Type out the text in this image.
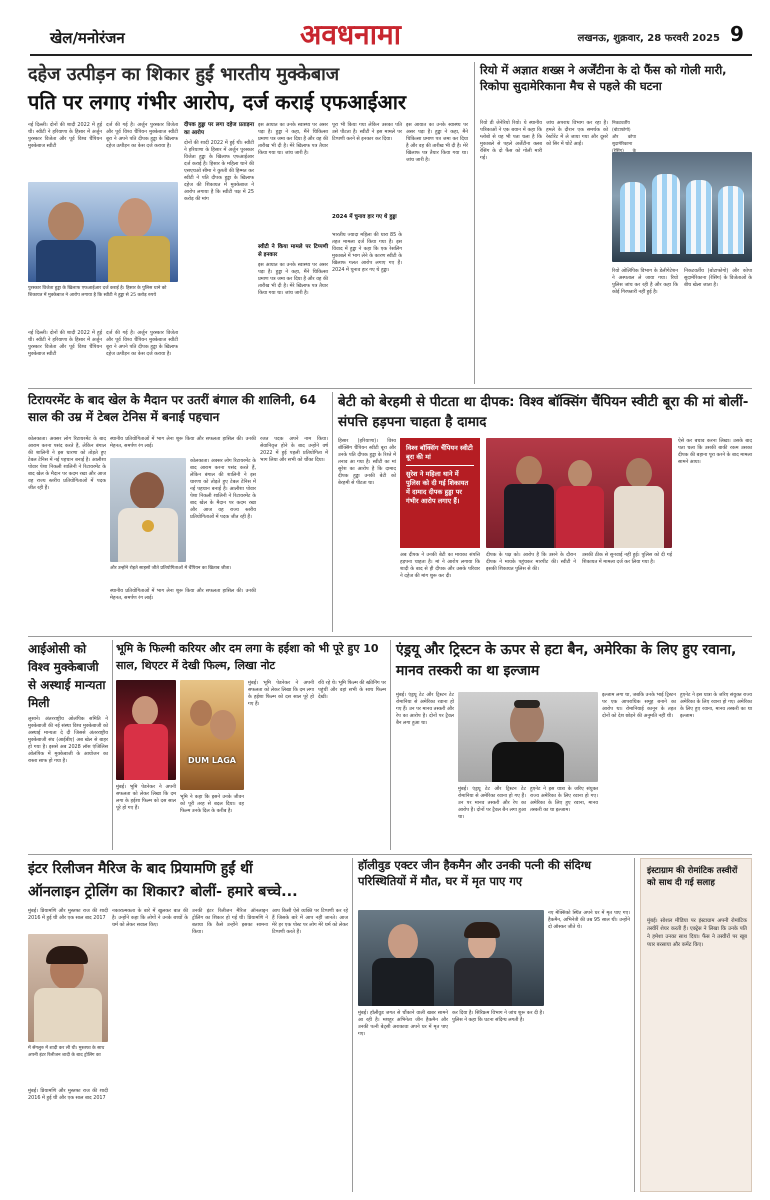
खेल/मनोरंजन	अवधनामा	लखनऊ, शुक्रवार, 28 फरवरी 2025 9
दहेज उत्पीड़न का शिकार हुईं भारतीय मुक्केबाज
पति पर लगाए गंभीर आरोप, दर्ज कराई एफआईआर
नई दिल्ली। दोनों की शादी 2022 में हुई थी। स्वीटी ने हरियाणा के हिसार में अर्जुन पुरस्कार विजेता और पूर्व विश्व चैंपियन मुक्केबाज स्वीटी
दर्ज की गई है। अर्जुन पुरस्कार विजेता और पूर्व विश्व चैंपियन मुक्केबाज स्वीटी बूरा ने अपने पति दीपक हुड्डा के खिलाफ दहेज उत्पीड़न का केस दर्ज कराया है।
पुरस्कार विजेता हुड्डा के खिलाफ एफआईआर दर्ज कराई है। हिसार के पुलिस थाने को शिकायत में मुक्केबाज ने आरोप लगाया है कि स्वीटी ने हुड्डा से 25 करोड़ रुपये
नई दिल्ली। दोनों की शादी 2022 में हुई थी। स्वीटी ने हरियाणा के हिसार में अर्जुन पुरस्कार विजेता और पूर्व विश्व चैंपियन मुक्केबाज स्वीटी
दर्ज की गई है। अर्जुन पुरस्कार विजेता और पूर्व विश्व चैंपियन मुक्केबाज स्वीटी बूरा ने अपने पति दीपक हुड्डा के खिलाफ दहेज उत्पीड़न का केस दर्ज कराया है।
दीपक हुड्डा पर लगा दहेज प्रताड़ना का आरोप
दोनों की शादी 2022 में हुई थी। स्वीटी ने हरियाणा के हिसार में अर्जुन पुरस्कार विजेता हुड्डा के खिलाफ एफआईआर दर्ज कराई है। हिसार के महिला थाने की एसएचओ सीमा ने कुश्ती की हिम्मत कर स्वीटी ने पति दीपक हुड्डा के खिलाफ दहेज की शिकायत में मुक्केबाज ने आरोप लगाया है कि स्वीटी पक्ष में 25 करोड़ की मांग
इस आयात का उनके स्वास्थ्य पर असर पड़ा है। हुड्डा ने कहा, मैंने चिकित्सा प्रमाण पत्र जमा कर दिया है और वह की तारीख भी दी है। मेरे खिलाफ पत्र तैयार किया गया था। जांच जारी है।
स्वीटी ने किया मामले पर टिप्पणी से इनकार
इस आयात का उनके स्वास्थ्य पर असर पड़ा है। हुड्डा ने कहा, मैंने चिकित्सा प्रमाण पत्र जमा कर दिया है और वह की तारीख भी दी है। मेरे खिलाफ पत्र तैयार किया गया था। जांच जारी है।
पूरा भी किया गया लेकिन उसका पति उसे पीटता है। स्वीटी ने इस मामले पर टिप्पणी करने से इनकार कर दिया।
2024 में चुनाव हार गए थे हुड्डा
भारतीय ज्यादा महिला की धारा 85 के तहत मामला दर्ज किया गया है। इस विवाद में हुड्डा ने कहा कि एक रेसलिंग मुकाबले में भाग लेने के कारण स्वीटी के खिलाफ गलत आरोप लगाए गए हैं। 2024 में चुनाव हार गए थे हुड्डा।
इस आयात का उनके स्वास्थ्य पर असर पड़ा है। हुड्डा ने कहा, मैंने चिकित्सा प्रमाण पत्र जमा कर दिया है और वह की तारीख भी दी है। मेरे खिलाफ पत्र तैयार किया गया था। जांच जारी है।
रियो में अज्ञात शख्स ने अर्जेंटीना के दो फैंस को गोली मारी, रिकोपा सुदामेरिकाना मैच से पहले की घटना
रियो डी जेनेरियो रियो। ये स्थानीय पत्रिकाओं ने एक बयान में कहा कि ग्लोबो से यह भी पता चला है कि मुकाबले से पहले अर्जेंटीना क्लब रेसिंग के दो फैंस को गोली मारी गई।
जांच अपराध विभाग कर रहा है। हमले के दौरान एक समर्थक को रेस्टोरेंट में ले जाया गया और दूसरे को सिर में चोटें आईं।
निकटवर्तीय (बोटाफोगो) और कोपा सुदामेरिकाना
रियो ओलिंपिक विभाग के डेलीगेटेशन ने अस्पताल ले जाया गया। रियो पुलिस जांच कर रही है और कहा कि कोई गिरफ्तारी नहीं हुई है।
निकटवर्तीय (बोटाफोगो) और कोपा सुदामेरिकाना (रेसिंग) के विजेताओं के बीच खेला जाता है।
टिरायरमेंट के बाद खेल के मैदान पर उतरीं बंगाल की शालिनी, 64 साल की उम्र में टेबल टेनिस में बनाई पहचान
कोलकाता। अक्सर लोग रिटायरमेंट के बाद आराम करना पसंद करते हैं, लेकिन बंगाल की शालिनी ने इस धारणा को तोड़ते हुए टेबल टेनिस में नई पहचान बनाई है। आलीशा पोवार पेशा निकली शालिनी ने रिटायरमेंट के बाद खेल के मैदान पर कदम रखा और आज वह राज्य स्तरीय प्रतियोगिताओं में पदक जीत रही हैं।
स्थानीय प्रतियोगिताओं में भाग लेना शुरू किया और सफलता हासिल की। उनकी मेहनत, समर्पण रंग लाई।
कोलकाता। अक्सर लोग रिटायरमेंट के बाद आराम करना पसंद करते हैं, लेकिन बंगाल की शालिनी ने इस धारणा को तोड़ते हुए टेबल टेनिस में नई पहचान बनाई है। आलीशा पोवार पेशा निकली शालिनी ने रिटायरमेंट के बाद खेल के मैदान पर कदम रखा और आज वह राज्य स्तरीय प्रतियोगिताओं में पदक जीत रही हैं।
और उन्होंने रोहते साहसों जीते प्रतियोगिताओं में चैंपियन का खिताब जीता।
स्थानीय प्रतियोगिताओं में भाग लेना शुरू किया और सफलता हासिल की। उनकी मेहनत, समर्पण रंग लाई।
रजत पदक अपने नाम किया। सेवानिवृत्त होने के बाद उन्होंने वर्ष 2022 में हुई पहली प्रतियोगिता में भाग लिया और सभी को चौंका दिया।
बेटी को बेरहमी से पीटता था दीपक: विश्व बॉक्सिंग चैंपियन स्वीटी बूरा की मां बोलीं- संपत्ति हड़पना चाहता है दामाद
हिसार (हरियाणा)। विश्व बॉक्सिंग चैंपियन स्वीटी बूरा और उनके पति दीपक हुड्डा के रिश्ते में तनाव आ गया है। स्वीटी का मां सुरेश का आरोप है कि दामाद दीपक हुड्डा उनकी बेटी को बेरहमी से पीटता था।
विश्व बॉक्सिंग चैंपियन स्वीटी बूरा की मां
सुरेश ने महिला थाने में पुलिस को दी गई शिकायत में दामाद दीपक हुड्डा पर गंभीर आरोप लगाए हैं।
अब दीपक ने उनकी बेटी का मायका संपत्ति हड़पना चाहता है। मां ने आरोप लगाया कि शादी के बाद से ही दीपक और उसके परिवार ने दहेज की मांग शुरू कर दी।
दीपक के पक्ष को। आरोप है कि उसने के दौरान दीपक ने मायके पहुंचकर मारपीट की। स्वीटी ने इसकी शिकायत पुलिस से की।
उसकी ठीक से सुनवाई नहीं हुई। पुलिस को दी गई शिकायत में मामला दर्ज कर लिया गया है।
ऐसे कर बचाव करना लिखा। उसके बाद पता चला कि उसकी बाकी रकम उसका दीपक की बहाना पूरा करने के बाद मामला सामने आया।
आईओसी को विश्व मुक्केबाजी से अस्थाई मान्यता मिली
लुसाने। अंतरराष्ट्रीय ओलंपिक समिति ने मुक्केबाजी की नई संस्था विश्व मुक्केबाजी को अस्थाई मान्यता दे दी जिससे अंतरराष्ट्रीय मुक्केबाजी संघ (आईबीए) अब खेल से बाहर हो गया है। इससे अब 2028 लॉस एंजिलिस ओलंपिक में मुक्केबाजी के आयोजन का रास्ता साफ हो गया है।
भूमि के फिल्मी करियर और दम लगा के हईशा को भी पूरे हुए 10 साल, थिएटर में देखी फिल्म, लिखा नोट
DUM LAGA
मुंबई। भूमि पेडनेकर ने अपनी सफलता को लेकर लिखा कि दम लगा के हईशा फिल्म को दस साल पूरे हो गए हैं।
भूमि ने कहा कि इसने उनके जीवन को पूरी तरह से बदल दिया। वह फिल्म उनके दिल के करीब है।
मुंबई। भूमि पेडनेकर ने अपनी सफलता को लेकर लिखा कि दम लगा के हईशा फिल्म को दस साल पूरे हो गए हैं।
रवि रहे थे। भूमि फिल्म की स्क्रीनिंग पर पहुंचीं और वहां सभी के साथ फिल्म देखी।
एंड्रयू और ट्रिस्टन के ऊपर से हटा बैन, अमेरिका के लिए हुए रवाना, मानव तस्करी का था इल्जाम
मुंबई। एंड्रयू टेट और ट्रिस्टन टेट रोमानिया से अमेरिका रवाना हो गए हैं। उन पर मानव तस्करी और रेप का आरोप है। दोनों पर ट्रैवल बैन लगा हुआ था।
मुंबई। एंड्रयू टेट और ट्रिस्टन टेट रोमानिया से अमेरिका रवाना हो गए हैं। उन पर मानव तस्करी और रेप का आरोप है। दोनों पर ट्रैवल बैन लगा हुआ था।
हुएनेट ने इस यात्रा के जरिए संयुक्त राज्य अमेरिका के लिए रवाना हो गए। अमेरिका के लिए हुए रवाना, मानव तस्करी का था इल्जाम।
इल्जाम लगा था, जबकि उनके भाई ट्रिस्टन पर एक आपराधिक समूह बनाने का आरोप था। रोमानियाई कानून के तहत दोनों को देश छोड़ने की अनुमति नहीं थी।
हुएनेट ने इस यात्रा के जरिए संयुक्त राज्य अमेरिका के लिए रवाना हो गए। अमेरिका के लिए हुए रवाना, मानव तस्करी का था इल्जाम।
इंटर रिलीजन मैरिज के बाद प्रियामणि हुईं थीं
ऑनलाइन ट्रोलिंग का शिकार? बोलीं- हमारे बच्चे...
मुंबई। प्रियामणि और मुस्तफा राज की शादी 2016 में हुई थी और एक साल बाद 2017
में सेंगलुरु में शादी कर ली थी। मुस्तफा के साथ अपनी इंटर रिलीजन शादी के बाद ट्रोलिंग का
मुंबई। प्रियामणि और मुस्तफा राज की शादी 2016 में हुई थी और एक साल बाद 2017
नकारात्मकता के बारे में खुलकर बात की है। उन्होंने कहा कि लोगों ने उनके बच्चों के धर्म को लेकर सवाल किए।
उनकी इंटर रिलीजन मैरिज ऑनलाइन ट्रोलिंग का शिकार हो गई थी। प्रियामणि ने बताया कि कैसे उन्होंने इसका सामना किया।
आप किसी ऐसे व्यक्ति पर टिप्पणी कर रहे हैं जिसके बारे में आप नहीं जानते। आज मेरे हर एक पोस्ट पर लोग मेरे धर्म को लेकर टिप्पणी करते हैं।
हॉलीवुड एक्टर जीन हैकमैन और उनकी पत्नी की संदिग्ध परिस्थितियों में मौत, घर में मृत पाए गए
मुंबई। हॉलीवुड जगत से चौंकाने वाली खबर सामने आ रही है। मशहूर अभिनेता जीन हैकमैन और उनकी पत्नी बेट्सी अराकावा अपने घर में मृत पाए गए।
कर दिया है। सिरिफ्रम विभाग ने जांच शुरू कर दी है। पुलिस ने कहा कि घटना संदिग्ध लगती है।
नए मेक्सिको स्थित अपने घर में मृत पाए गए। हैकमैन, अभिनेत्री की उम्र 95 साल थी। उन्होंने दो ऑस्कर जीते थे।
इंस्टाग्राम की रोमांटिक तस्वीरों को साथ दी गई सलाह
मुंबई। सोशल मीडिया पर इंस्टाग्राम अपनी रोमांटिक तस्वीरें शेयर करती हैं। एक्ट्रेस ने लिखा कि उनके पति ने हमेशा उनका साथ दिया। फैंस ने तस्वीरों पर खूब प्यार बरसाया और कमेंट किए।
